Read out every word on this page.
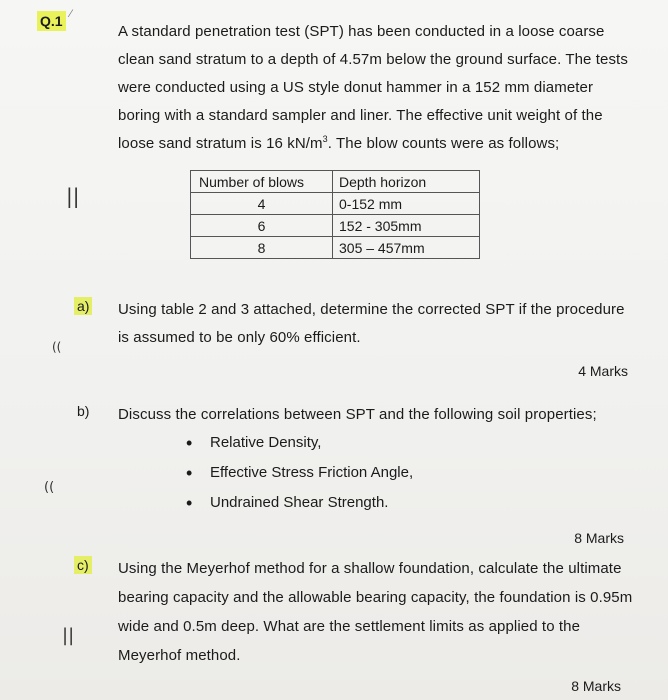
Q.1 ⁄
A standard penetration test (SPT) has been conducted in a loose coarse
clean sand stratum to a depth of 4.57m below the ground surface. The tests
were conducted using a US style donut hammer in a 152 mm diameter
boring with a standard sampler and liner. The effective unit weight of the
loose sand stratum is 16 $kN/m^3$. The blow counts were as follows;
Number of blows	Depth horizon
4	0-152 mm
6	152 - 305mm
8	305 – 457mm
||
((
((
||
a) Using table 2 and 3 attached, determine the corrected SPT if the procedure
is assumed to be only 60% efficient.
4 Marks
b) Discuss the correlations between SPT and the following soil properties;
• Relative Density,
• Effective Stress Friction Angle,
• Undrained Shear Strength.
8 Marks
c) Using the Meyerhof method for a shallow foundation, calculate the ultimate
bearing capacity and the allowable bearing capacity, the foundation is 0.95m
wide and 0.5m deep. What are the settlement limits as applied to the
Meyerhof method.
8 Marks
